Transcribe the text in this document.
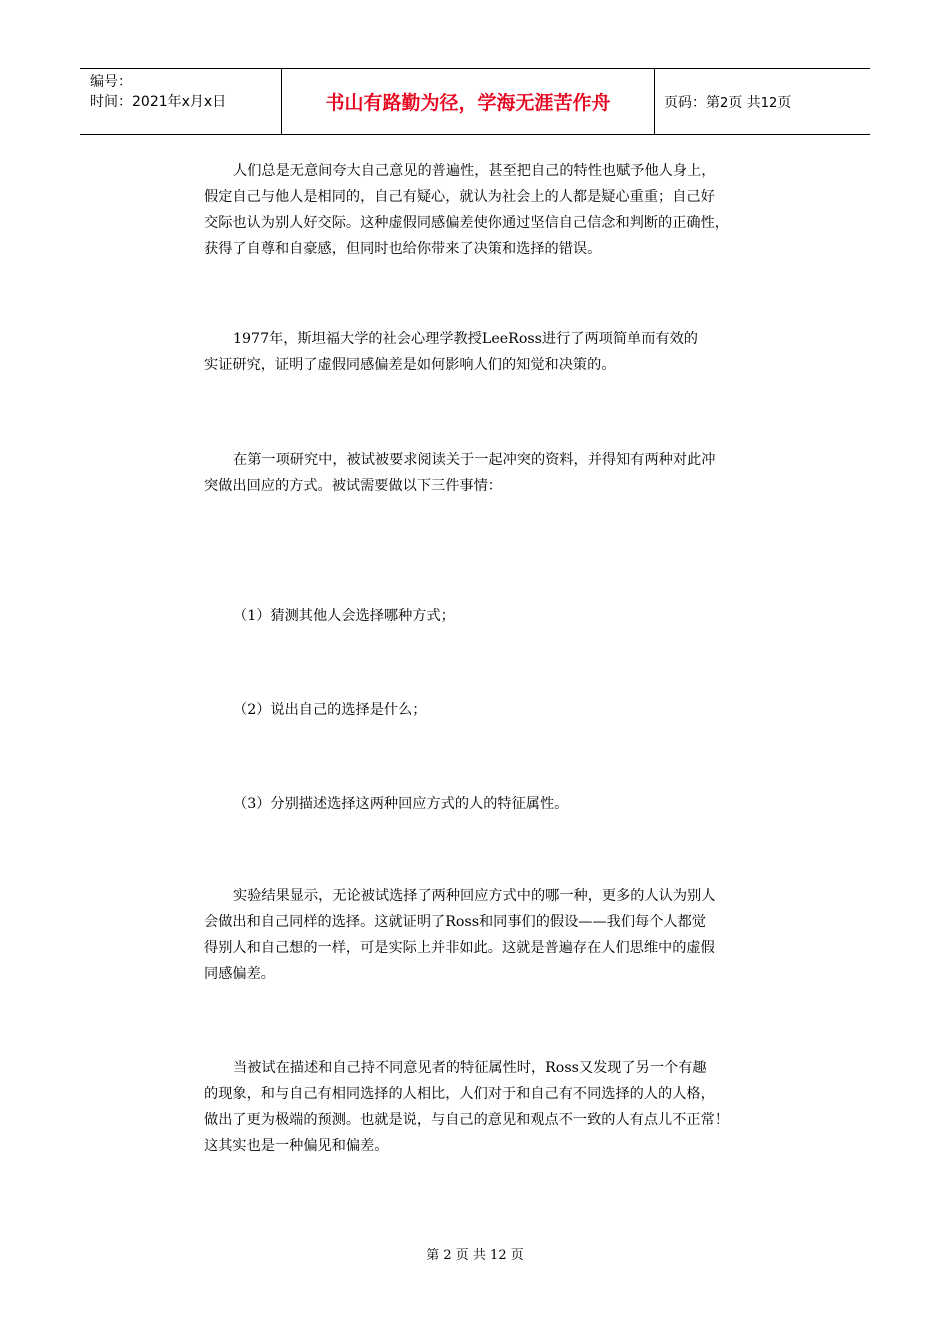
编号：
时间：2021年x月x日	书山有路勤为径，学海无涯苦作舟	页码：第2页 共12页
人们总是无意间夸大自己意见的普遍性，甚至把自己的特性也赋予他人身上，
假定自己与他人是相同的，自己有疑心，就认为社会上的人都是疑心重重；自己好
交际也认为别人好交际。这种虚假同感偏差使你通过坚信自己信念和判断的正确性，
获得了自尊和自豪感，但同时也给你带来了决策和选择的错误。
1977年，斯坦福大学的社会心理学教授LeeRoss进行了两项简单而有效的
实证研究，证明了虚假同感偏差是如何影响人们的知觉和决策的。
在第一项研究中，被试被要求阅读关于一起冲突的资料，并得知有两种对此冲
突做出回应的方式。被试需要做以下三件事情：
（1）猜测其他人会选择哪种方式；
（2）说出自己的选择是什么；
（3）分别描述选择这两种回应方式的人的特征属性。
实验结果显示，无论被试选择了两种回应方式中的哪一种，更多的人认为别人
会做出和自己同样的选择。这就证明了Ross和同事们的假设——我们每个人都觉
得别人和自己想的一样，可是实际上并非如此。这就是普遍存在人们思维中的虚假
同感偏差。
当被试在描述和自己持不同意见者的特征属性时，Ross又发现了另一个有趣
的现象，和与自己有相同选择的人相比，人们对于和自己有不同选择的人的人格，
做出了更为极端的预测。也就是说，与自己的意见和观点不一致的人有点儿不正常！
这其实也是一种偏见和偏差。
第 2 页 共 12 页
